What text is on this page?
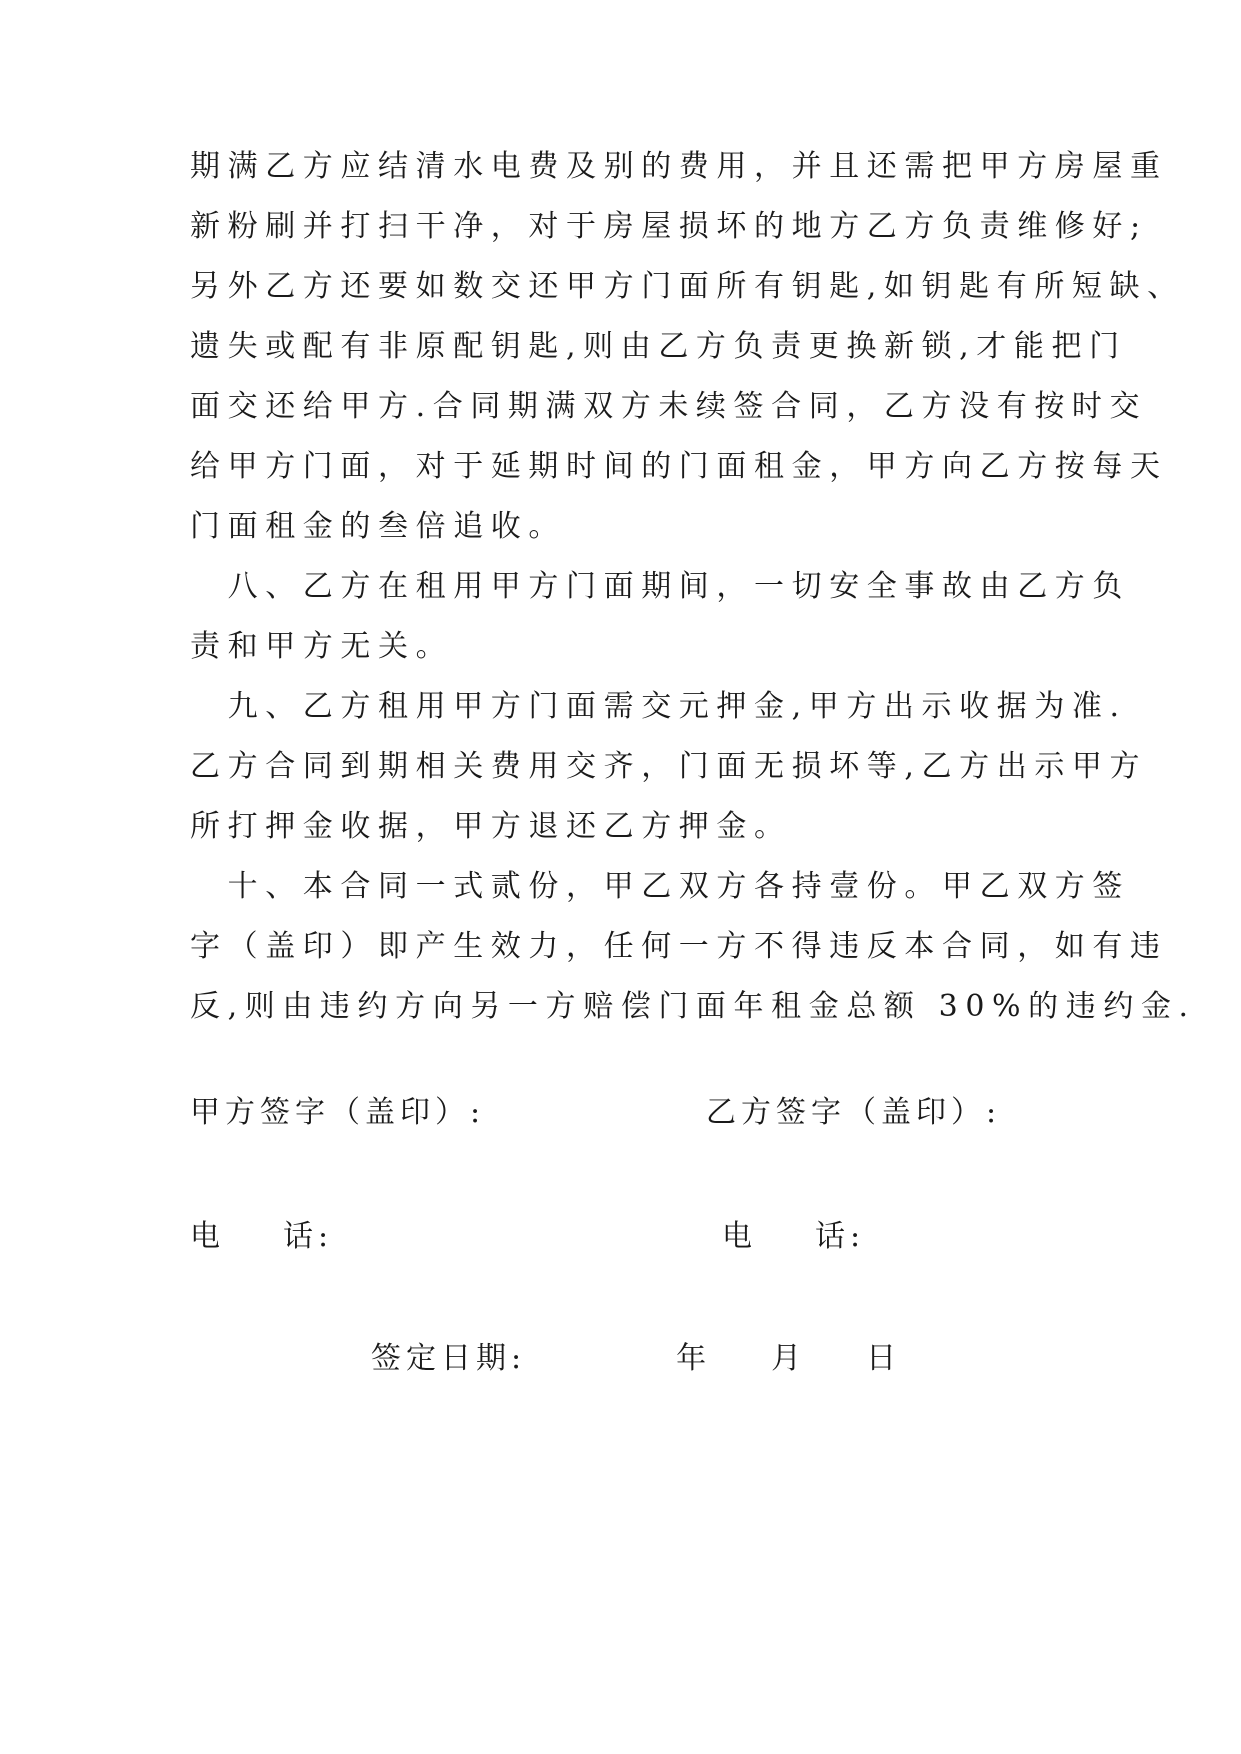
期满乙方应结清水电费及别的费用，并且还需把甲方房屋重
新粉刷并打扫干净，对于房屋损坏的地方乙方负责维修好;
另外乙方还要如数交还甲方门面所有钥匙,如钥匙有所短缺、
遗失或配有非原配钥匙,则由乙方负责更换新锁,才能把门
面交还给甲方.合同期满双方未续签合同，乙方没有按时交
给甲方门面，对于延期时间的门面租金，甲方向乙方按每天
门面租金的叁倍追收。
　八、乙方在租用甲方门面期间，一切安全事故由乙方负
责和甲方无关。
　九、乙方租用甲方门面需交元押金,甲方出示收据为准.
乙方合同到期相关费用交齐，门面无损坏等,乙方出示甲方
所打押金收据，甲方退还乙方押金。
　十、本合同一式贰份，甲乙双方各持壹份。甲乙双方签
字（盖印）即产生效力，任何一方不得违反本合同，如有违
反,则由违约方向另一方赔偿门面年租金总额 30%的违约金.
甲方签字（盖印）:	乙方签字（盖印）:
电 话:	电 话:
签定日期:	年 月 日
